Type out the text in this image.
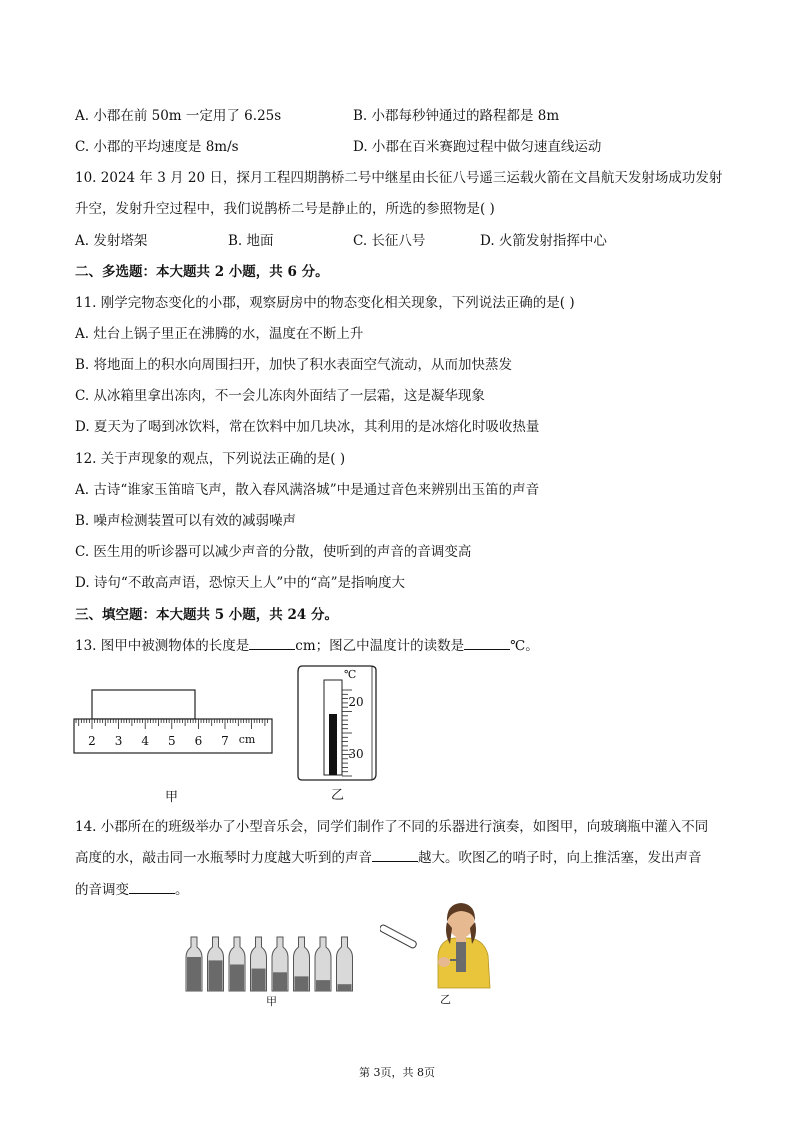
A. 小郡在前 50m 一定用了 6.25s	B. 小郡每秒钟通过的路程都是 8m
C. 小郡的平均速度是 8m/s	D. 小郡在百米赛跑过程中做匀速直线运动
10. 2024 年 3 月 20 日，探月工程四期鹊桥二号中继星由长征八号遥三运载火箭在文昌航天发射场成功发射
升空，发射升空过程中，我们说鹊桥二号是静止的，所选的参照物是( )
A. 发射塔架	B. 地面	C. 长征八号	D. 火箭发射指挥中心
二、多选题：本大题共 2 小题，共 6 分。
11. 刚学完物态变化的小郡，观察厨房中的物态变化相关现象，下列说法正确的是( )
A. 灶台上锅子里正在沸腾的水，温度在不断上升
B. 将地面上的积水向周围扫开，加快了积水表面空气流动，从而加快蒸发
C. 从冰箱里拿出冻肉，不一会儿冻肉外面结了一层霜，这是凝华现象
D. 夏天为了喝到冰饮料，常在饮料中加几块冰，其利用的是冰熔化时吸收热量
12. 关于声现象的观点，下列说法正确的是( )
A. 古诗“谁家玉笛暗飞声，散入春风满洛城”中是通过音色来辨别出玉笛的声音
B. 噪声检测装置可以有效的减弱噪声
C. 医生用的听诊器可以减少声音的分散，使听到的声音的音调变高
D. 诗句“不敢高声语，恐惊天上人”中的“高”是指响度大
三、填空题：本大题共 5 小题，共 24 分。
13. 图甲中被测物体的长度是	cm；图乙中温度计的读数是	℃。
2 3 4 5 6 7 cm
甲
℃
20
30
乙
14. 小郡所在的班级举办了小型音乐会，同学们制作了不同的乐器进行演奏，如图甲，向玻璃瓶中灌入不同
高度的水，敲击同一水瓶琴时力度越大听到的声音	越大。吹图乙的哨子时，向上推活塞，发出声音
的音调变	。
甲	乙
第 3页，共 8页
